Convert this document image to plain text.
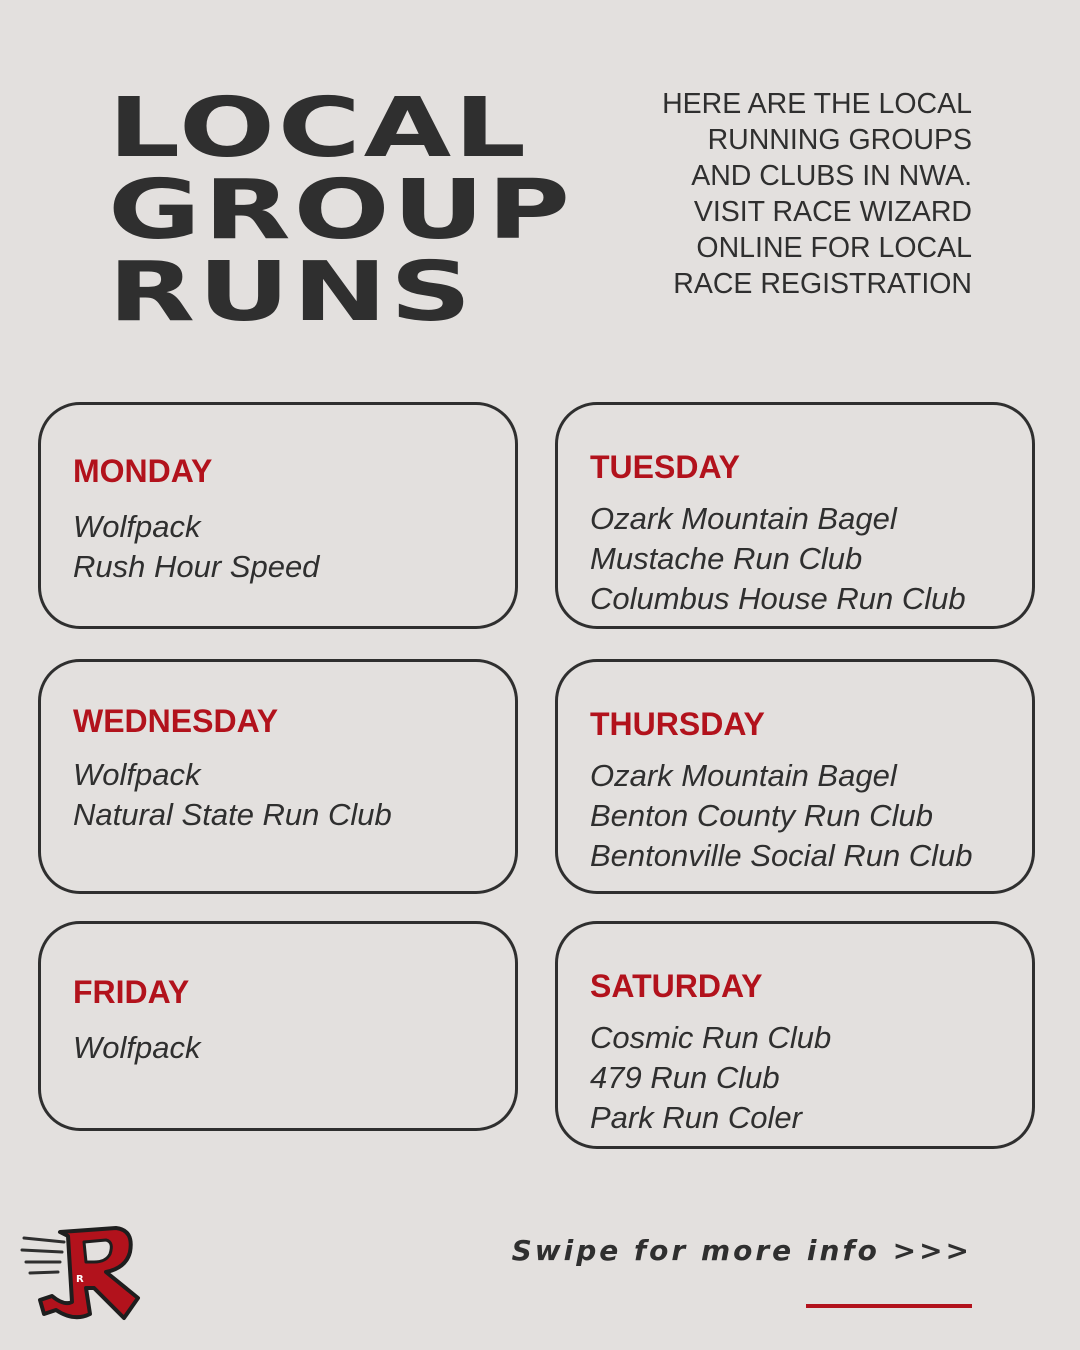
LOCAL
GROUP
RUNS
HERE ARE THE LOCAL RUNNING GROUPS AND CLUBS IN NWA. VISIT RACE WIZARD ONLINE FOR LOCAL RACE REGISTRATION
MONDAY
Wolfpack
Rush Hour Speed
TUESDAY
Ozark Mountain Bagel
Mustache Run Club
Columbus House Run Club
WEDNESDAY
Wolfpack
Natural State Run Club
THURSDAY
Ozark Mountain Bagel
Benton County Run Club
Bentonville Social Run Club
FRIDAY
Wolfpack
SATURDAY
Cosmic Run Club
479 Run Club
Park Run Coler
R
Swipe for more info >>>
